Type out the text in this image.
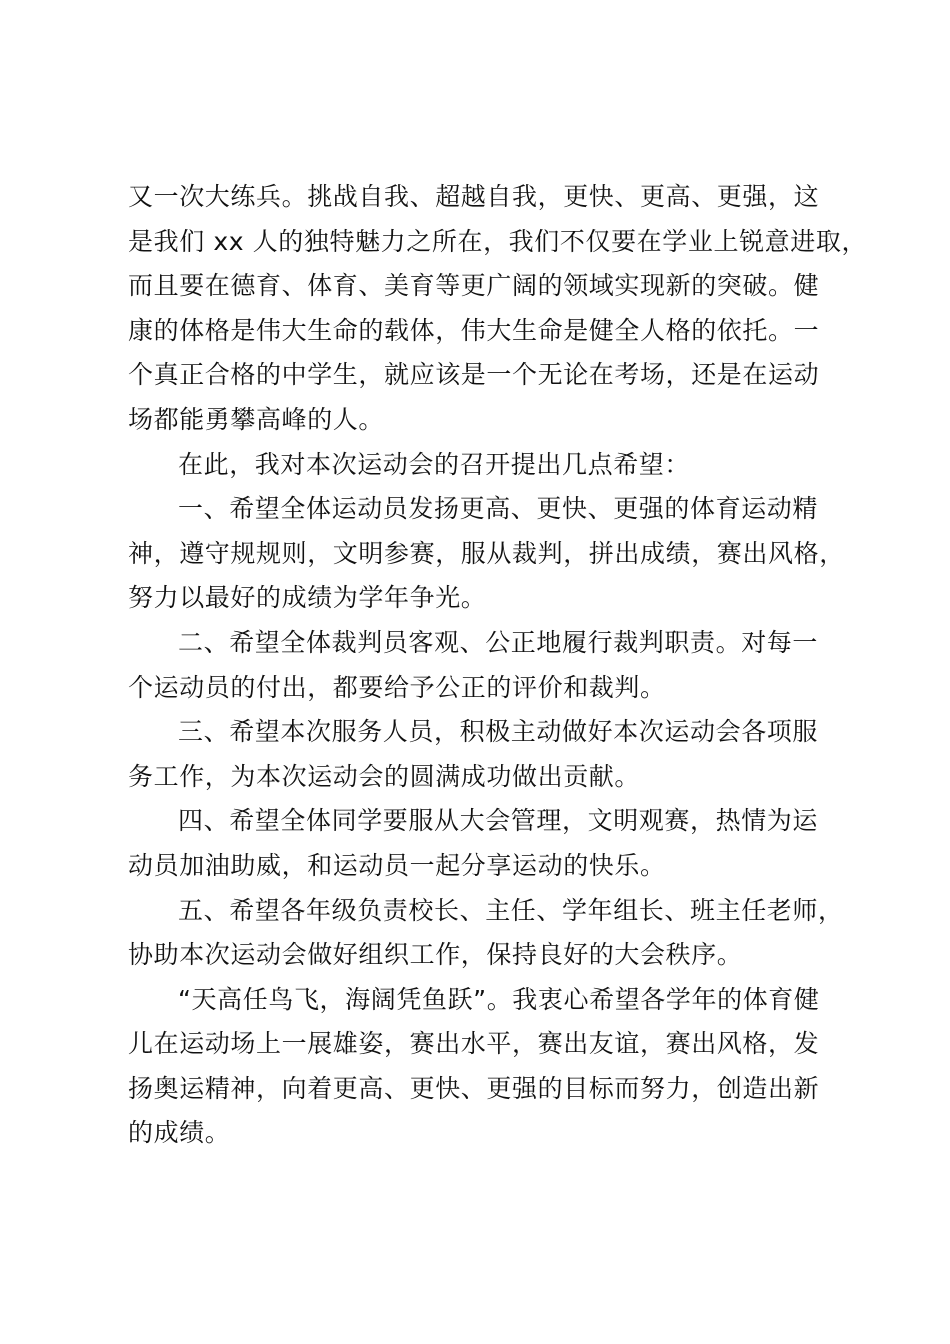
又一次大练兵。挑战自我、超越自我，更快、更高、更强，这
是我们 xx 人的独特魅力之所在，我们不仅要在学业上锐意进取，
而且要在德育、体育、美育等更广阔的领域实现新的突破。健
康的体格是伟大生命的载体，伟大生命是健全人格的依托。一
个真正合格的中学生，就应该是一个无论在考场，还是在运动
场都能勇攀高峰的人。
在此，我对本次运动会的召开提出几点希望：
一、希望全体运动员发扬更高、更快、更强的体育运动精
神，遵守规规则，文明参赛，服从裁判，拼出成绩，赛出风格，
努力以最好的成绩为学年争光。
二、希望全体裁判员客观、公正地履行裁判职责。对每一
个运动员的付出，都要给予公正的评价和裁判。
三、希望本次服务人员，积极主动做好本次运动会各项服
务工作，为本次运动会的圆满成功做出贡献。
四、希望全体同学要服从大会管理，文明观赛，热情为运
动员加油助威，和运动员一起分享运动的快乐。
五、希望各年级负责校长、主任、学年组长、班主任老师，
协助本次运动会做好组织工作，保持良好的大会秩序。
“天高任鸟飞，海阔凭鱼跃”。我衷心希望各学年的体育健
儿在运动场上一展雄姿，赛出水平，赛出友谊，赛出风格，发
扬奥运精神，向着更高、更快、更强的目标而努力，创造出新
的成绩。
